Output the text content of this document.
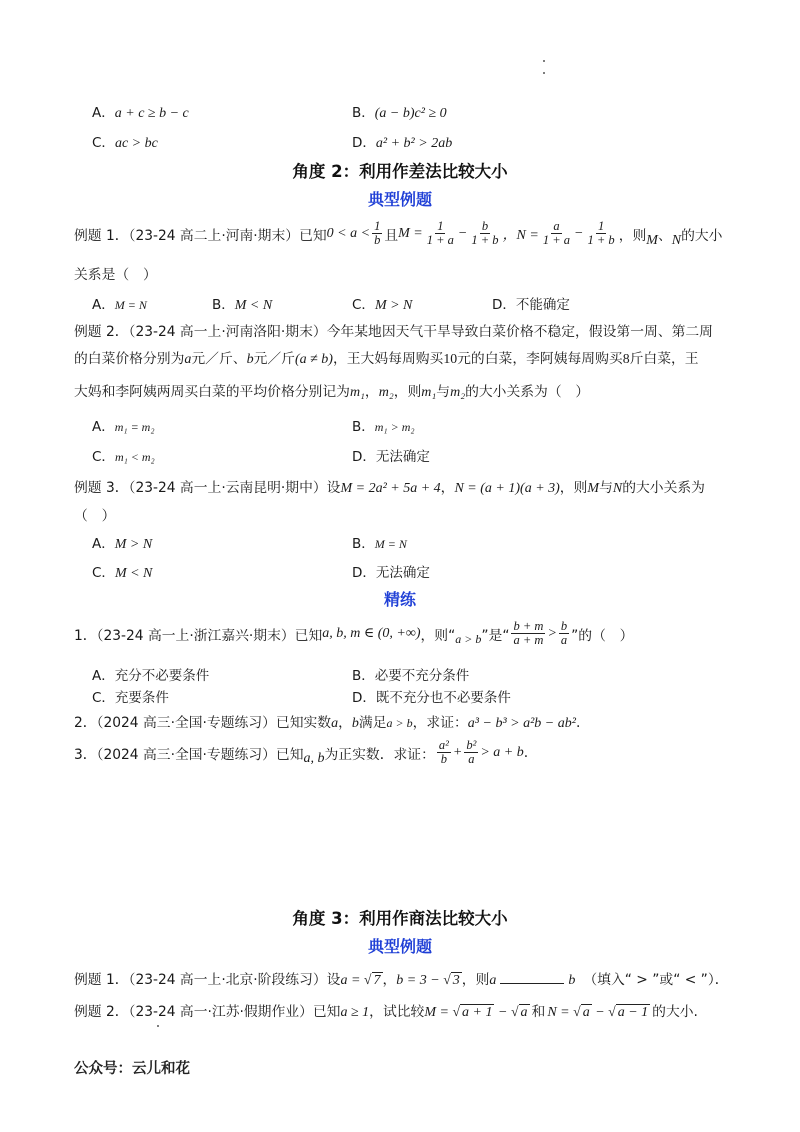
A．a + c ≥ b − c	B．(a − b)c² ≥ 0
C．ac > bc	D．a² + b² > 2ab
角度 2：利用作差法比较大小
典型例题
例题 1．（23-24 高二上·河南·期末）已知 $0 < a < \frac{1}{b}$ 且 $M = \frac{1}{1 + a} - \frac{b}{1 + b}$ ，$N = \frac{a}{1 + a} - \frac{1}{1 + b}$ ，则 M 、 N 的大小
关系是（　）
A．M = N	B．M < N	C．M > N	D．不能确定
例题 2．（23-24 高一上·河南洛阳·期末）今年某地因天气干旱导致白菜价格不稳定，假设第一周、第二周
的白菜价格分别为a元／斤、b元／斤(a ≠ b)，王大妈每周购买10元的白菜，李阿姨每周购买8斤白菜，王
大妈和李阿姨两周买白菜的平均价格分别记为m₁，m₂，则m₁与m₂的大小关系为（　）
A．m₁ = m₂	B．m₁ > m₂
C．m₁ < m₂	D．无法确定
例题 3．（23-24 高一上·云南昆明·期中）设M = 2a² + 5a + 4，N = (a + 1)(a + 3)，则M与N的大小关系为
（　）
A．M > N	B．M = N
C．M < N	D．无法确定
精练
1．（23-24 高一上·浙江嘉兴·期末）已知 a, b, m ∈ (0, +∞) ，则“ a > b ”是“ $\frac{b + m}{a + m} > \frac{b}{a}$ ”的（　）
A．充分不必要条件	B．必要不充分条件
C．充要条件	D．既不充分也不必要条件
2．（2024 高三·全国·专题练习）已知实数a，b满足a > b，求证：a³ − b³ > a²b − ab².
3．（2024 高三·全国·专题练习）已知 a, b 为正实数．求证： $\frac{\text{a²}}{b} + \frac{\text{b²}}{a} > a + b$ .
角度 3：利用作商法比较大小
典型例题
例题 1．（23-24 高一上·北京·阶段练习）设a = √ 7 ，b = 3 − √ 3 ，则a	b （填入“ > ”或“ < ”）．
例题 2．（23-24 高一·江苏·假期作业）已知a ≥ 1，试比较M = √ a + 1 − √ a 和 N = √ a − √ a − 1 的大小.
公众号：云儿和花
